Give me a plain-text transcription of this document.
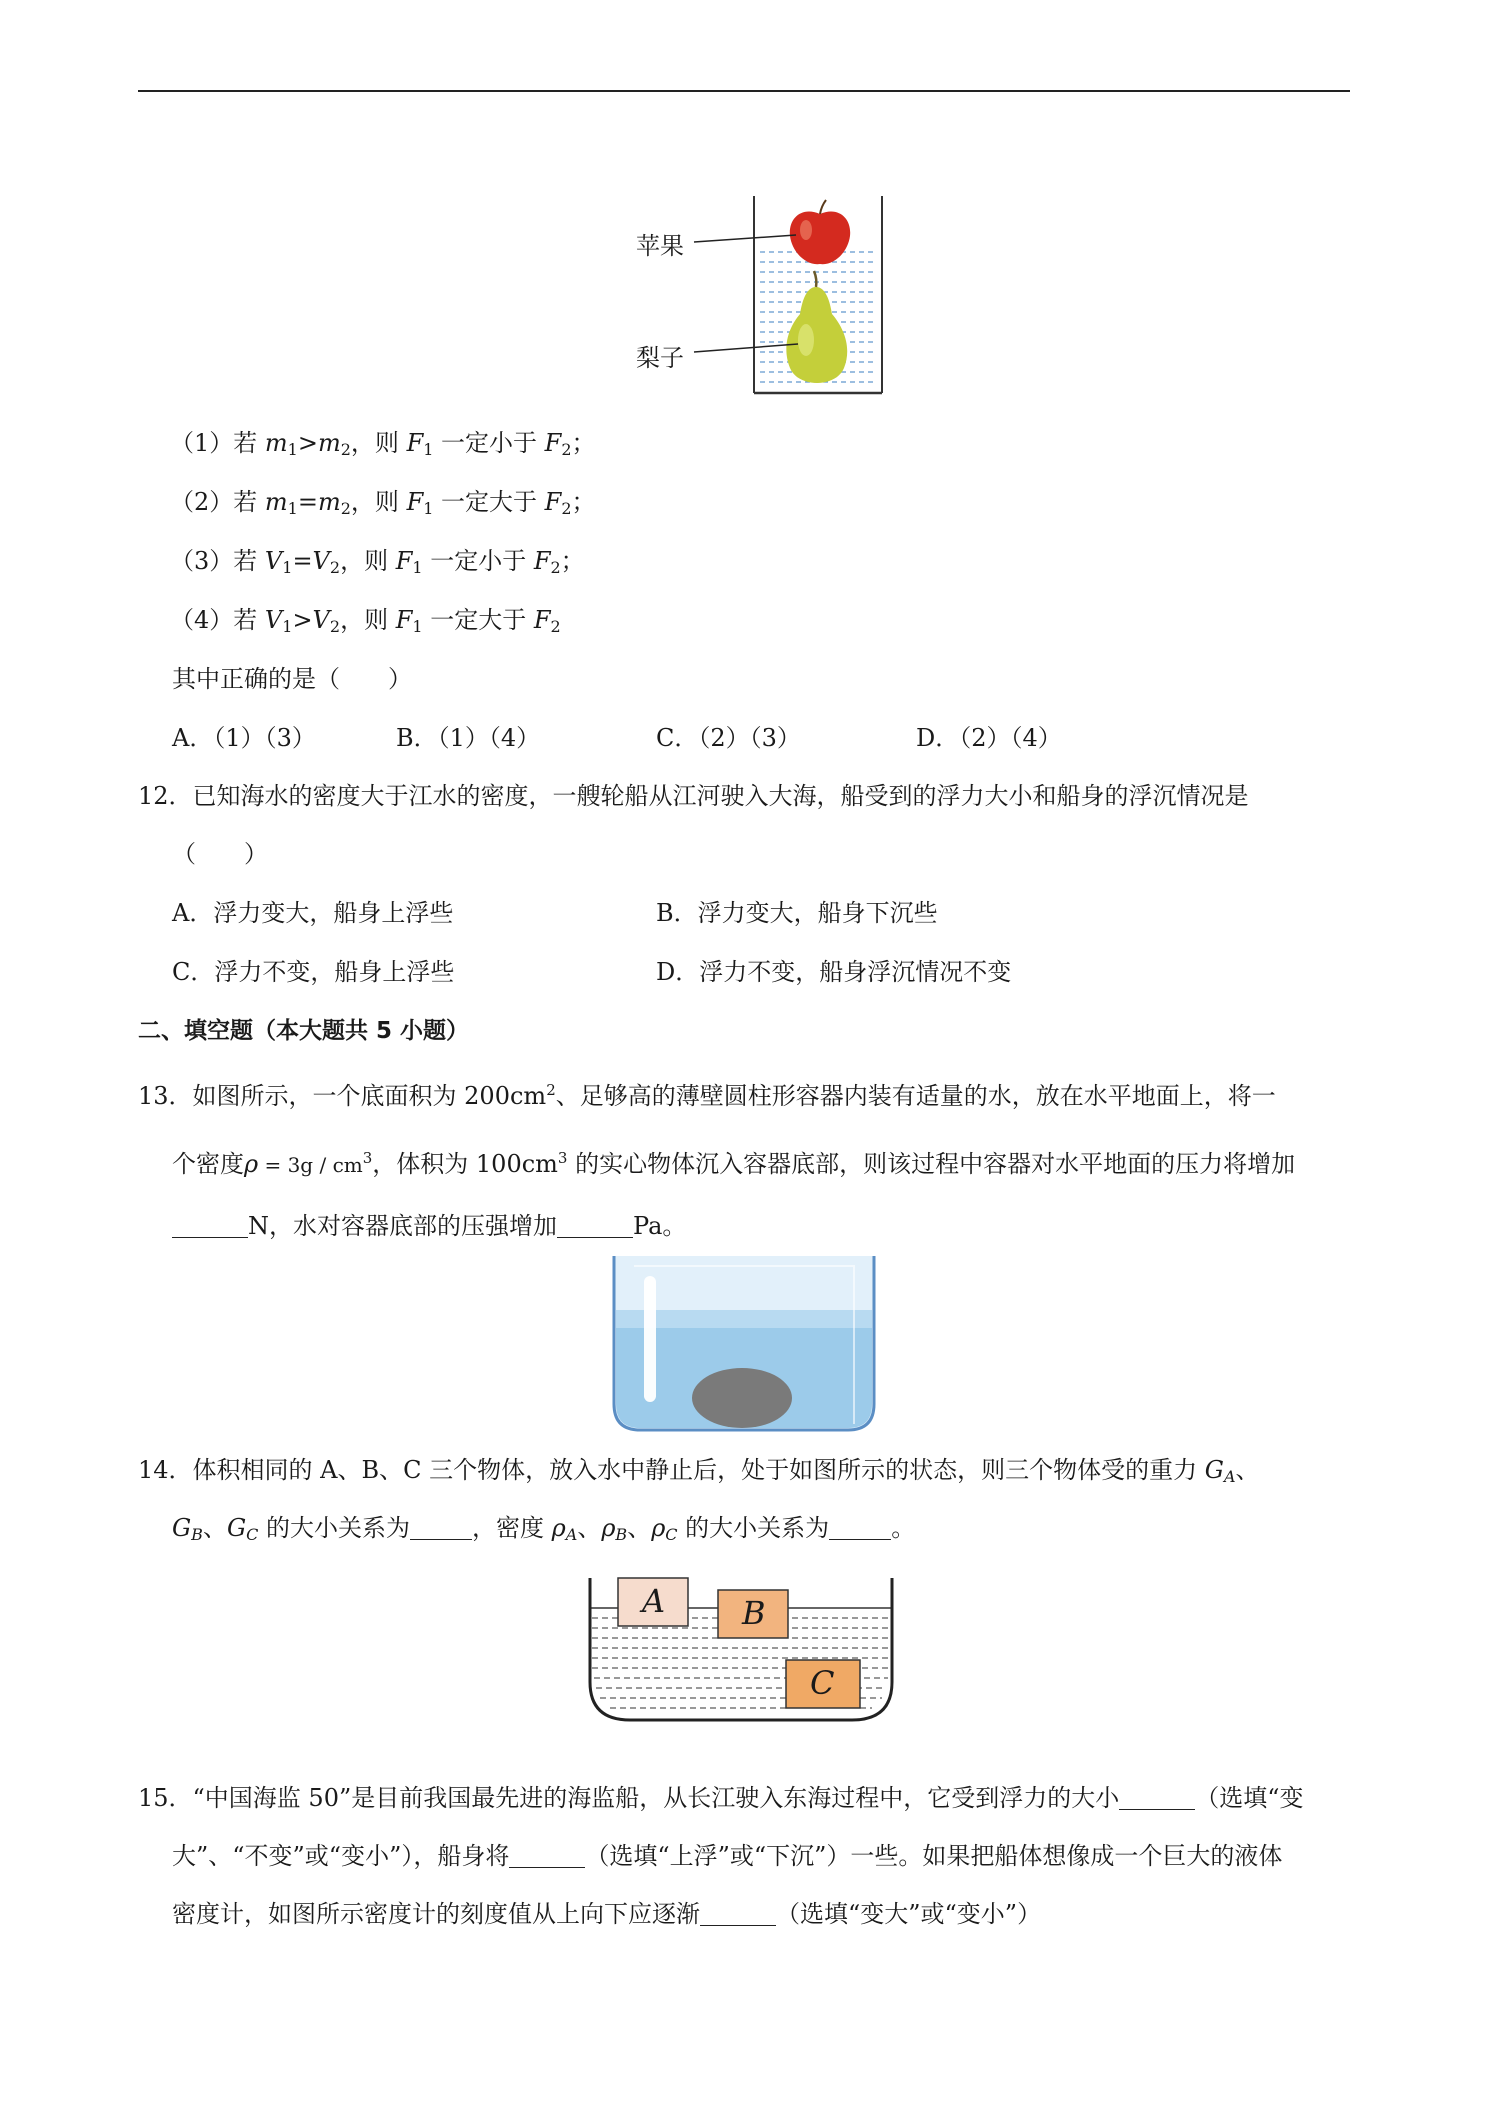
苹果
梨子
（1）若 $m_1>m_2$，则 $F_1$ 一定小于 $F_2$；
（2）若 $m_1=m_2$，则 $F_1$ 一定大于 $F_2$；
（3）若 $V_1=V_2$，则 $F_1$ 一定小于 $F_2$；
（4）若 $V_1>V_2$，则 $F_1$ 一定大于 $F_2$
其中正确的是（　　）
A．（1）（3）	B．（1）（4）	C．（2）（3）	D．（2）（4）
12．已知海水的密度大于江水的密度，一艘轮船从江河驶入大海，船受到的浮力大小和船身的浮沉情况是
（　　）
A．浮力变大，船身上浮些	B．浮力变大，船身下沉些
C．浮力不变，船身上浮些	D．浮力不变，船身浮沉情况不变
二、填空题（本大题共 5 小题）
13．如图所示，一个底面积为 $200cm^2$、足够高的薄壁圆柱形容器内装有适量的水，放在水平地面上，将一
个密度$\rho = 3g / cm^3$，体积为 $100cm^3$ 的实心物体沉入容器底部，则该过程中容器对水平地面的压力将增加
N，水对容器底部的压强增加	Pa。
14．体积相同的 A、B、C 三个物体，放入水中静止后，处于如图所示的状态，则三个物体受的重力 $G_A$、
$G_B$、$G_C$ 的大小关系为	，密度 $\rho_A$、$\rho_B$、$\rho_C$ 的大小关系为	。
A B
C
15．“中国海监 50”是目前我国最先进的海监船，从长江驶入东海过程中，它受到浮力的大小	（选填“变
大”、“不变”或“变小”），船身将	（选填“上浮”或“下沉”）一些。如果把船体想像成一个巨大的液体
密度计，如图所示密度计的刻度值从上向下应逐渐	（选填“变大”或“变小”）
